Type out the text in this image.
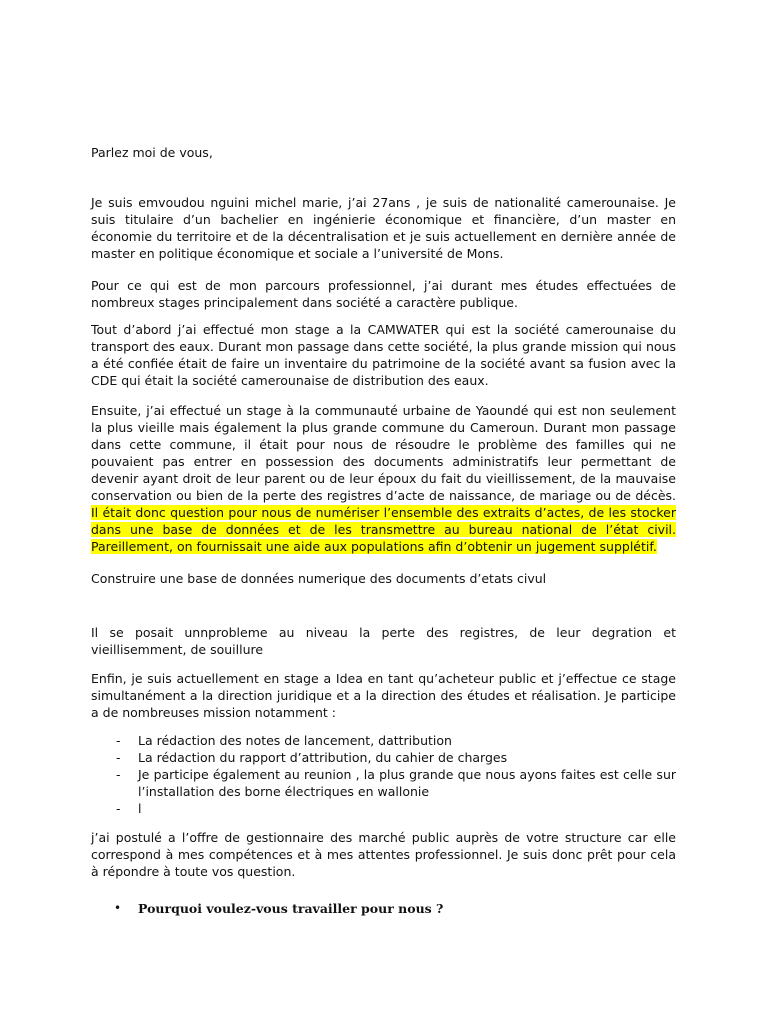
Parlez moi de vous,

Je suis emvoudou nguini michel marie, j’ai 27ans , je suis de nationalité camerounaise. Je suis titulaire d’un bachelier en ingénierie économique et financière, d’un master en économie du territoire et de la décentralisation et je suis actuellement en dernière année de master en politique économique et sociale a l’université de Mons.

Pour ce qui est de mon parcours professionnel, j’ai durant mes études effectuées de nombreux stages principalement dans société a caractère publique.

Tout d’abord j’ai effectué mon stage a la CAMWATER qui est la société camerounaise du transport des eaux. Durant mon passage dans cette société, la plus grande mission qui nous a été confiée était de faire un inventaire du patrimoine de la société avant sa fusion avec la CDE qui était la société camerounaise de distribution des eaux.

Ensuite, j’ai effectué un stage à la communauté urbaine de Yaoundé qui est non seulement la plus vieille mais également la plus grande commune du Cameroun. Durant mon passage dans cette commune, il était pour nous de résoudre le problème des familles qui ne pouvaient pas entrer en possession des documents administratifs leur permettant de devenir ayant droit de leur parent ou de leur époux du fait du vieillissement, de la mauvaise conservation ou bien de la perte des registres d’acte de naissance, de mariage ou de décès. Il était donc question pour nous de numériser l’ensemble des extraits d’actes, de les stocker dans une base de données et de les transmettre au bureau national de l’état civil. Pareillement, on fournissait une aide aux populations afin d’obtenir un jugement supplétif.

Construire une base de données numerique des documents d’etats civul

Il se posait unnprobleme au niveau la perte des registres, de leur degration et vieillisemment, de souillure

Enfin, je suis actuellement en stage a Idea en tant qu’acheteur public et j’effectue ce stage simultanément a la direction juridique et a la direction des études et réalisation. Je participe a de nombreuses mission notamment :

- La rédaction des notes de lancement, dattribution
- La rédaction du rapport d’attribution, du cahier de charges
- Je participe également au reunion , la plus grande que nous ayons faites est celle sur l’installation des borne électriques en wallonie
- l

j’ai postulé a l’offre de gestionnaire des marché public auprès de votre structure car elle correspond à mes compétences et à mes attentes professionnel. Je suis donc prêt pour cela à répondre à toute vos question.

• Pourquoi voulez-vous travailler pour nous ?
